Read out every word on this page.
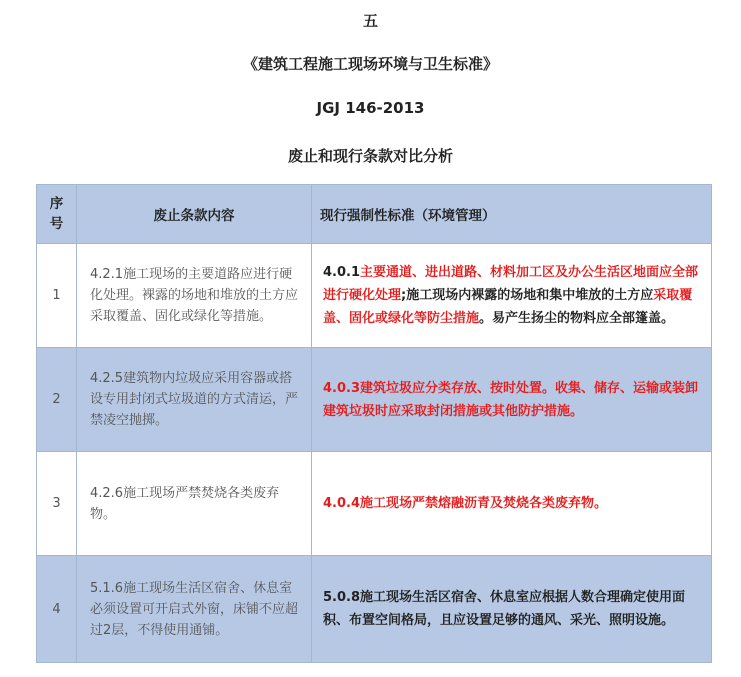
五
《建筑工程施工现场环境与卫生标准》
JGJ 146-2013
废止和现行条款对比分析
序号	废止条款内容	现行强制性标准（环境管理）
1	4.2.1施工现场的主要道路应进行硬化处理。裸露的场地和堆放的土方应采取覆盖、固化或绿化等措施。	4.0.1主要通道、进出道路、材料加工区及办公生活区地面应全部进行硬化处理;施工现场内裸露的场地和集中堆放的土方应采取覆盖、固化或绿化等防尘措施。易产生扬尘的物料应全部篷盖。
2	4.2.5建筑物内垃圾应采用容器或搭设专用封闭式垃圾道的方式清运，严禁凌空抛掷。	4.0.3建筑垃圾应分类存放、按时处置。收集、储存、运输或装卸建筑垃圾时应采取封闭措施或其他防护措施。
3	4.2.6施工现场严禁焚烧各类废弃物。	4.0.4施工现场严禁熔融沥青及焚烧各类废弃物。
4	5.1.6施工现场生活区宿舍、休息室必须设置可开启式外窗，床铺不应超过2层，不得使用通铺。	5.0.8施工现场生活区宿舍、休息室应根据人数合理确定使用面积、布置空间格局，且应设置足够的通风、采光、照明设施。
